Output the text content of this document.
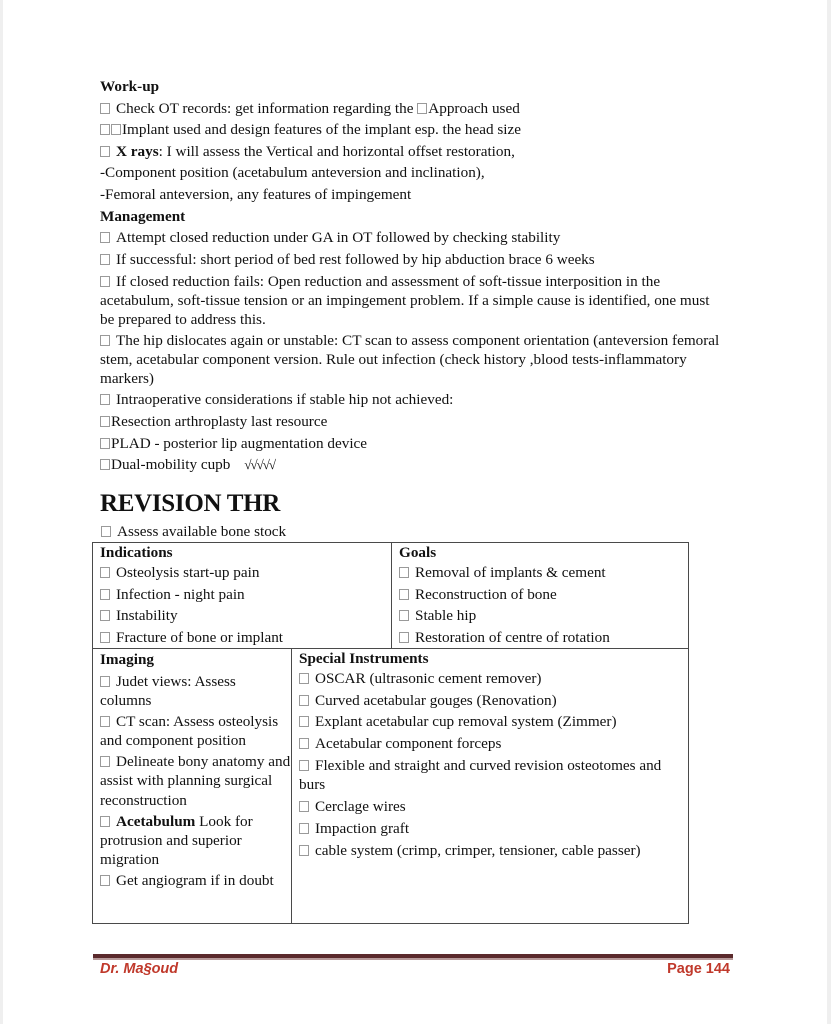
Work-up

Check OT records: get information regarding the Approach used

Implant used and design features of the implant esp. the head size

X rays: I will assess the Vertical and horizontal offset restoration,

-Component position (acetabulum anteversion and inclination),

-Femoral anteversion, any features of impingement

Management

Attempt closed reduction under GA in OT followed by checking stability

If successful: short period of bed rest followed by hip abduction brace 6 weeks

If closed reduction fails: Open reduction and assessment of soft-tissue interposition in the acetabulum, soft-tissue tension or an impingement problem. If a simple cause is identified, one must be prepared to address this.

The hip dislocates again or unstable: CT scan to assess component orientation (anteversion femoral stem, acetabular component version. Rule out infection (check history ,blood tests-inflammatory markers)

Intraoperative considerations if stable hip not achieved:

Resection arthroplasty last resource

PLAD - posterior lip augmentation device

Dual-mobility cupb √√√√√

REVISION THR
Assess available bone stock
Indications
Osteolysis start-up pain
Infection - night pain
Instability
Fracture of bone or implant
Goals
Removal of implants & cement
Reconstruction of bone
Stable hip
Restoration of centre of rotation
Imaging
Judet views: Assess columns
CT scan: Assess osteolysis and component position
Delineate bony anatomy and assist with planning surgical reconstruction
Acetabulum Look for protrusion and superior migration
Get angiogram if in doubt
Special Instruments
OSCAR (ultrasonic cement remover)
Curved acetabular gouges (Renovation)
Explant acetabular cup removal system (Zimmer)
Acetabular component forceps
Flexible and straight and curved revision osteotomes and burs
Cerclage wires
Impaction graft
cable system (crimp, crimper, tensioner, cable passer)
Dr. Ma§oud	Page 144
